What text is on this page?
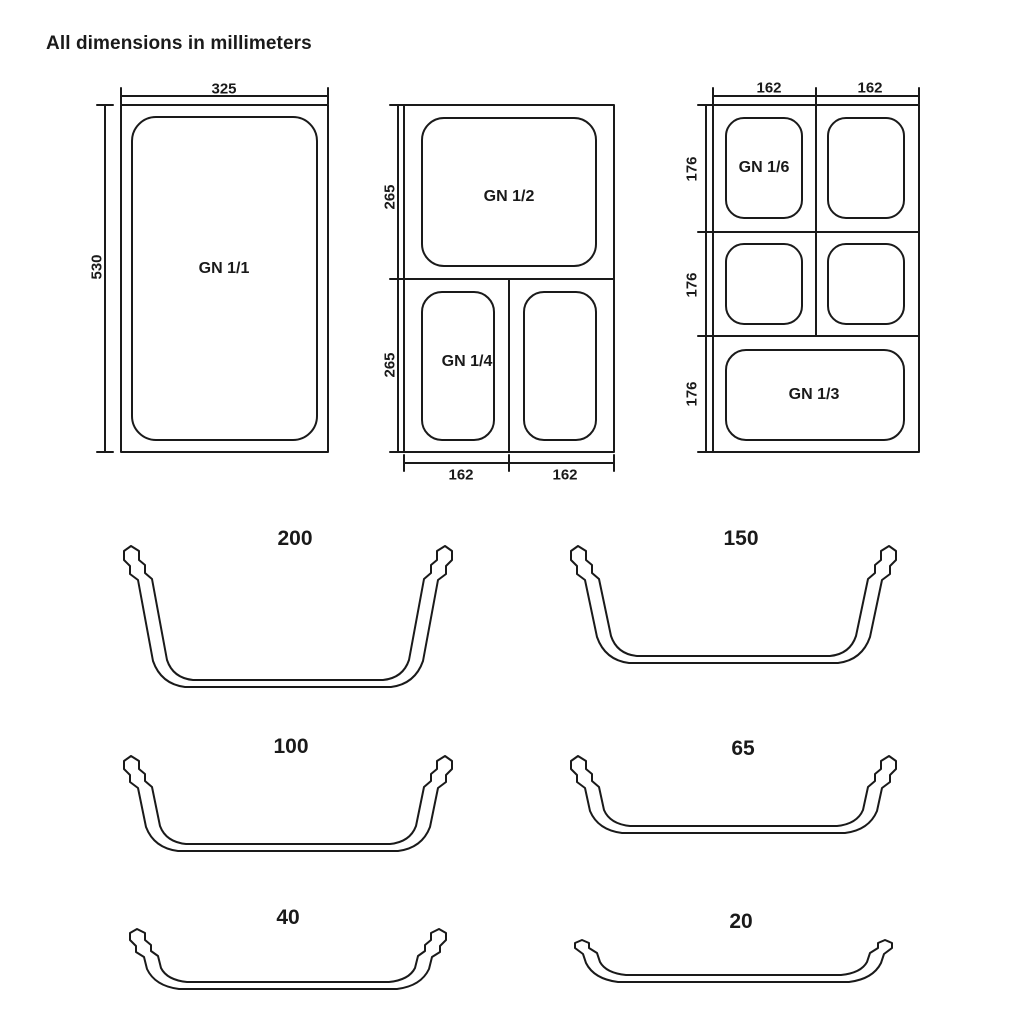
All dimensions in millimeters
325
530	GN 1/1
265
265
162	162
GN 1/2
GN 1/4
162	162
176
176
176
GN 1/6
GN 1/3
200	150
100	65
40	20
